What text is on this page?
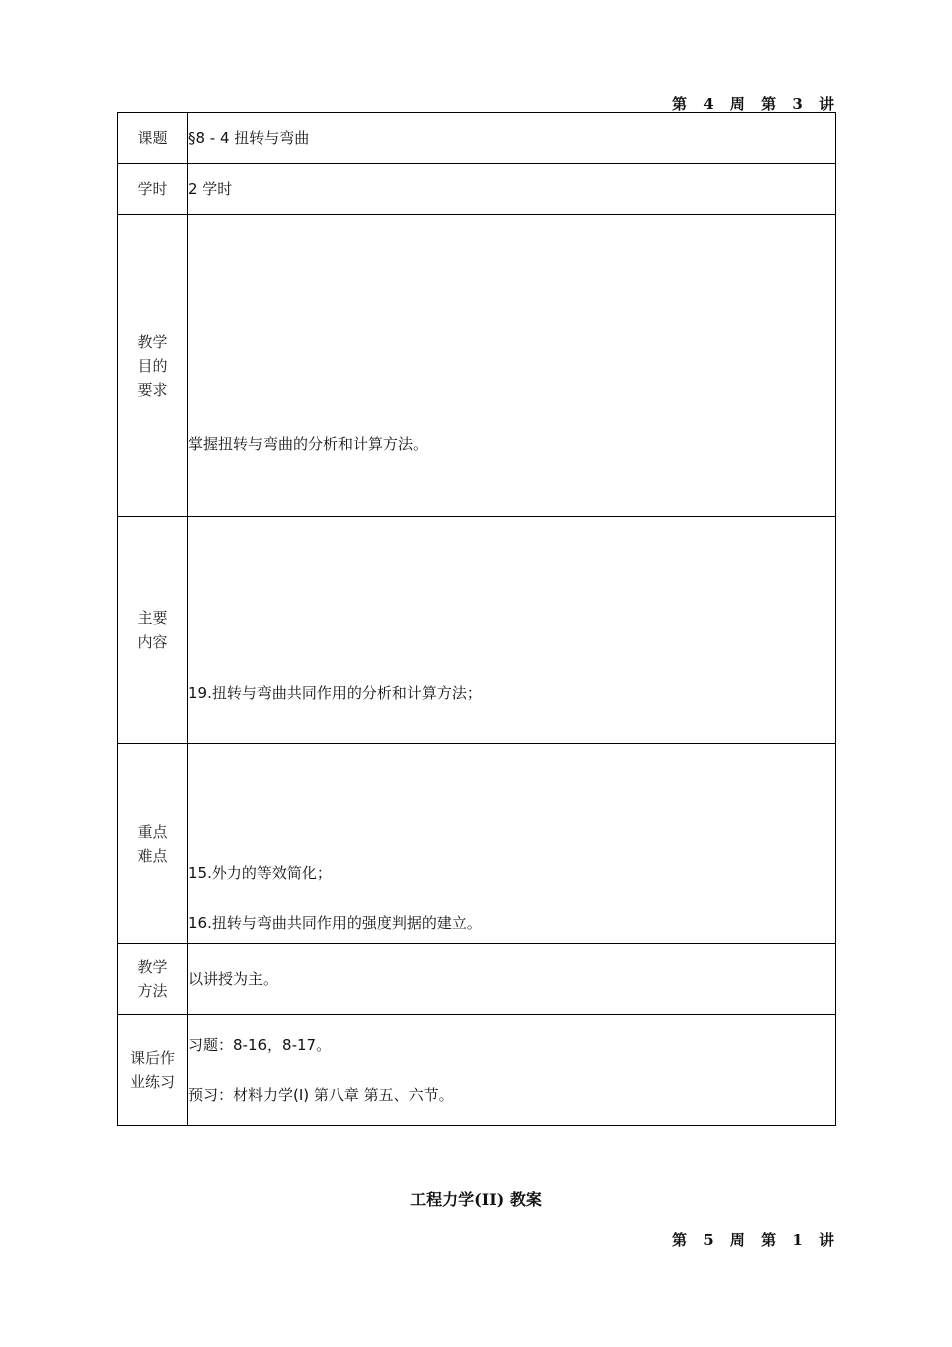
第 4 周 第 3 讲
课题	§8 - 4 扭转与弯曲

学时	2 学时

教学
目的
要求	掌握扭转与弯曲的分析和计算方法。

主要
内容	19.扭转与弯曲共同作用的分析和计算方法；

重点
难点	15.外力的等效简化；
16.扭转与弯曲共同作用的强度判据的建立。

教学
方法	以讲授为主。

课后作
业练习	习题：8-16，8-17。
预习：材料力学(I) 第八章 第五、六节。
工程力学(II) 教案
第 5 周 第 1 讲
